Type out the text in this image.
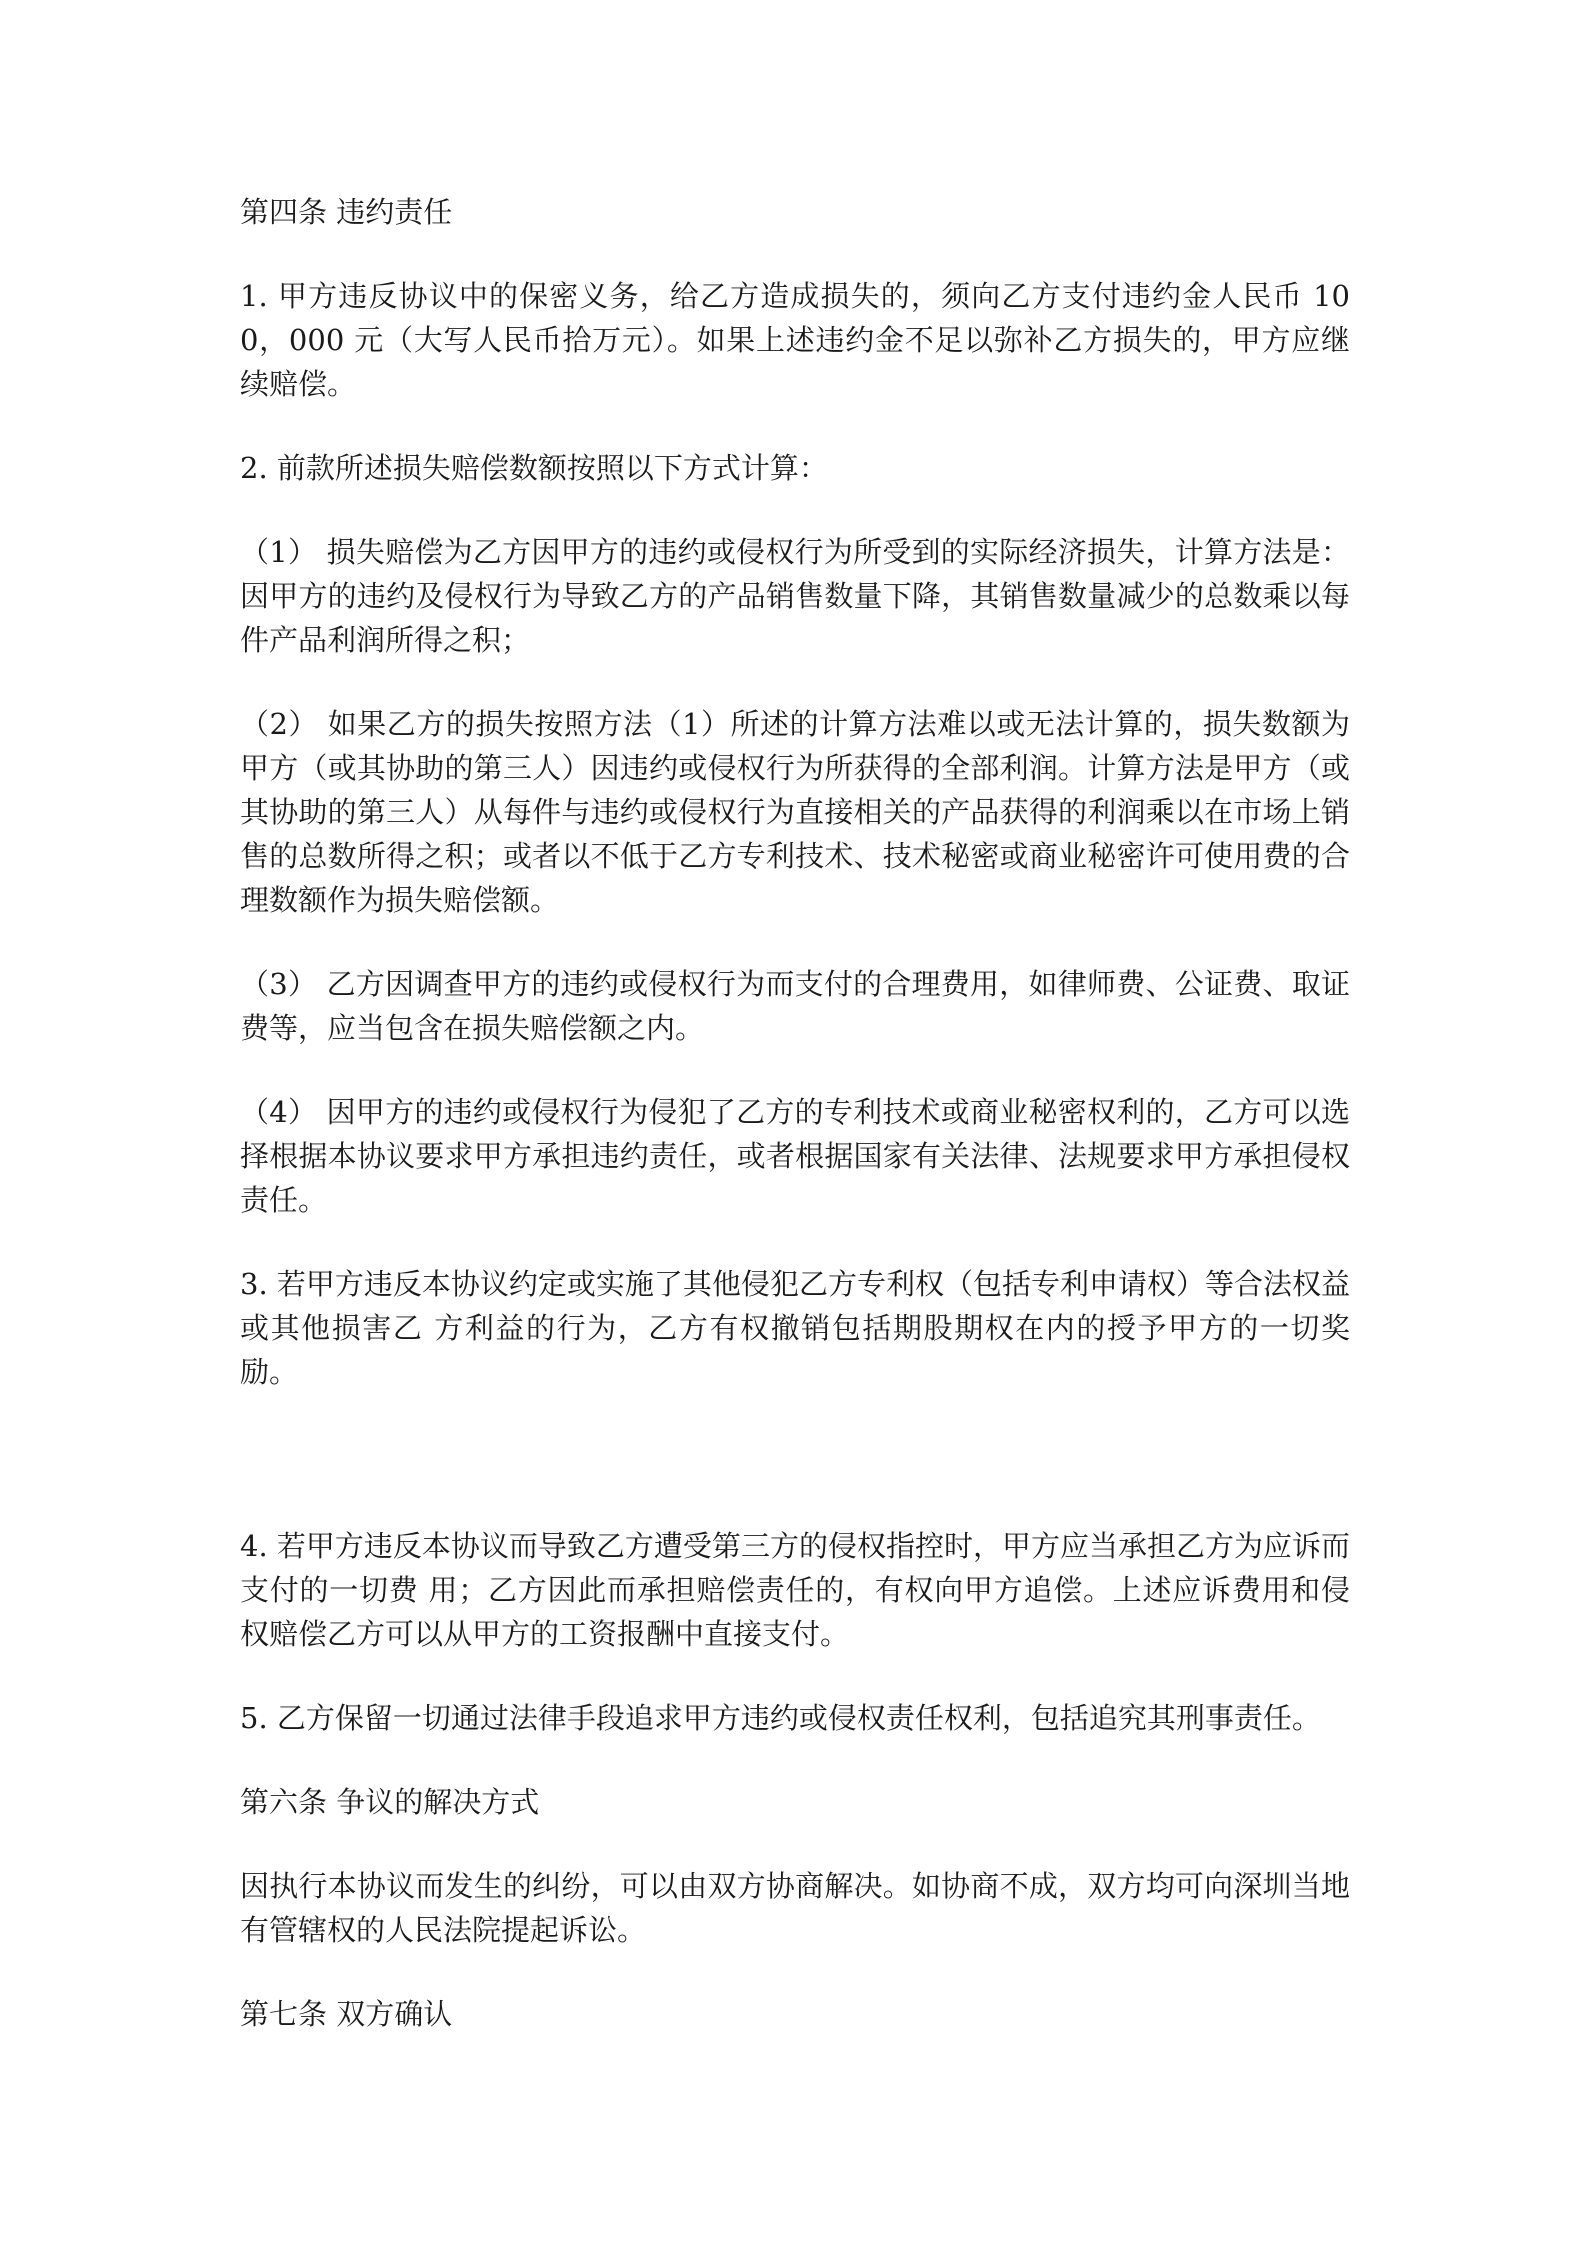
第四条 违约责任

1. 甲方违反协议中的保密义务，给乙方造成损失的，须向乙方支付违约金人民币 100，000 元（大写人民币拾万元）。如果上述违约金不足以弥补乙方损失的，甲方应继续赔偿。

2. 前款所述损失赔偿数额按照以下方式计算：

（1） 损失赔偿为乙方因甲方的违约或侵权行为所受到的实际经济损失，计算方法是：因甲方的违约及侵权行为导致乙方的产品销售数量下降，其销售数量减少的总数乘以每件产品利润所得之积；

（2） 如果乙方的损失按照方法（1）所述的计算方法难以或无法计算的，损失数额为甲方（或其协助的第三人）因违约或侵权行为所获得的全部利润。计算方法是甲方（或其协助的第三人）从每件与违约或侵权行为直接相关的产品获得的利润乘以在市场上销售的总数所得之积；或者以不低于乙方专利技术、技术秘密或商业秘密许可使用费的合理数额作为损失赔偿额。

（3） 乙方因调查甲方的违约或侵权行为而支付的合理费用，如律师费、公证费、取证费等，应当包含在损失赔偿额之内。

（4） 因甲方的违约或侵权行为侵犯了乙方的专利技术或商业秘密权利的，乙方可以选择根据本协议要求甲方承担违约责任，或者根据国家有关法律、法规要求甲方承担侵权责任。

3. 若甲方违反本协议约定或实施了其他侵犯乙方专利权（包括专利申请权）等合法权益或其他损害乙 方利益的行为，乙方有权撤销包括期股期权在内的授予甲方的一切奖励。

4. 若甲方违反本协议而导致乙方遭受第三方的侵权指控时，甲方应当承担乙方为应诉而支付的一切费 用；乙方因此而承担赔偿责任的，有权向甲方追偿。上述应诉费用和侵权赔偿乙方可以从甲方的工资报酬中直接支付。

5. 乙方保留一切通过法律手段追求甲方违约或侵权责任权利，包括追究其刑事责任。

第六条 争议的解决方式

因执行本协议而发生的纠纷，可以由双方协商解决。如协商不成，双方均可向深圳当地有管辖权的人民法院提起诉讼。

第七条 双方确认
